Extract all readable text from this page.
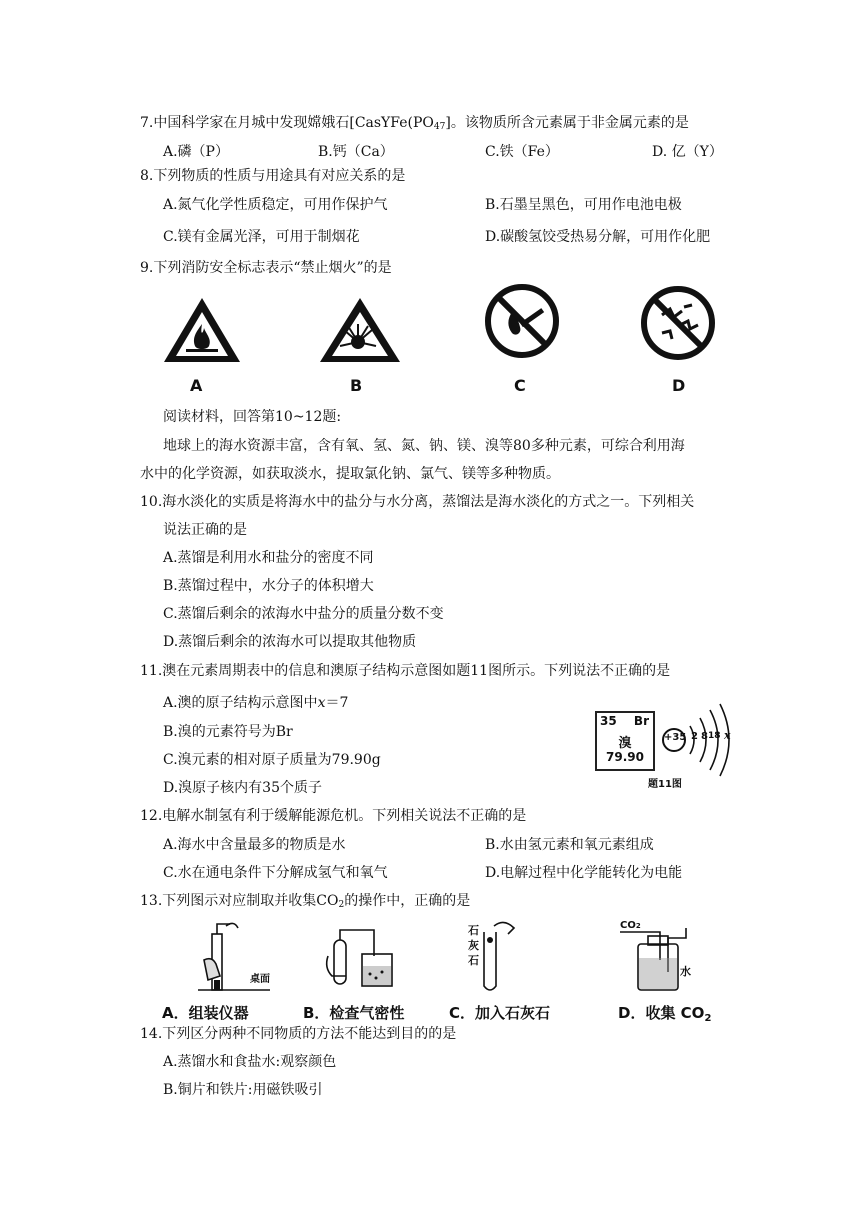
7.中国科学家在月城中发现嫦娥石[$CasYFe(PO_{47}]$。该物质所含元素属于非金属元素的是
A.磷（P）	B.钙（Ca）	C.铁（Fe）	D. 亿（Y）
8.下列物质的性质与用途具有对应关系的是
A.氮气化学性质稳定，可用作保护气	B.石墨呈黑色，可用作电池电极
C.镁有金属光泽，可用于制烟花	D.碳酸氢饺受热易分解，可用作化肥
9.下列消防安全标志表示“禁止烟火”的是
A	B	C	D
阅读材料，回答第10~12题:
地球上的海水资源丰富，含有氧、氢、氮、钠、镁、溴等80多种元素，可综合利用海
水中的化学资源，如获取淡水，提取氯化钠、氯气、镁等多种物质。
10.海水淡化的实质是将海水中的盐分与水分离，蒸馏法是海水淡化的方式之一。下列相关
说法正确的是
A.蒸馏是利用水和盐分的密度不同
B.蒸馏过程中，水分子的体积增大
C.蒸馏后剩余的浓海水中盐分的质量分数不变
D.蒸馏后剩余的浓海水可以提取其他物质
11.澳在元素周期表中的信息和澳原子结构示意图如题11图所示。下列说法不正确的是
A.澳的原子结构示意图中x＝7
B.溴的元素符号为Br
C.溴元素的相对原子质量为79.90g
D.溴原子核内有35个质子
35 Br
溴
79.90
+35 2 8 18 x
题11图
12.电解水制氢有利于缓解能源危机。下列相关说法不正确的是
A.海水中含量最多的物质是水	B.水由氢元素和氧元素组成
C.水在通电条件下分解成氢气和氧气	D.电解过程中化学能转化为电能
13.下列图示对应制取并收集$CO_2$的操作中，正确的是
桌面
石
灰
石
CO2
水
A．组装仪器	B．检查气密性	C．加入石灰石	D．收集 $CO_2$
14.下列区分两种不同物质的方法不能达到目的的是
A.蒸馏水和食盐水:观察颜色
B.铜片和铁片:用磁铁吸引
